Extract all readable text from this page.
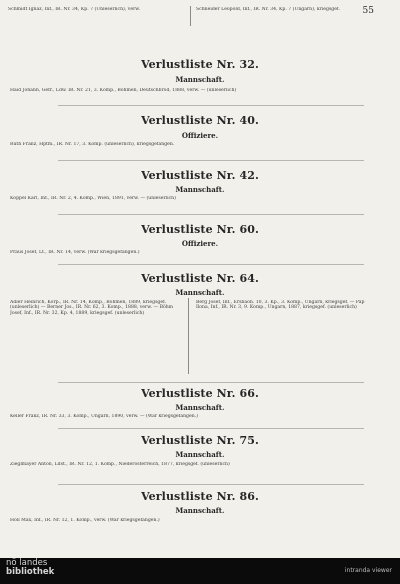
55
Schmidt Ignaz, Inf., IR. Nr. 34, Kp. 7 (Unleserlich), verw.	Schneider Leopold, Inf., IR. Nr. 34, Kp. 7 (Ungarn), kriegsgef.
Verlustliste Nr. 32.
Mannschaft.
Haid Johann, Gefr., Ldw. IR. Nr. 21, 3. Komp., Böhmen, Deutschbrod, 1888, verw. — (unleserlich)
Verlustliste Nr. 40.
Offiziere.
Ruth Franz, Hptm., IR. Nr. 17, 3. Komp. (unleserlich), kriegsgefangen.
Verlustliste Nr. 42.
Mannschaft.
Koppel Karl, Inf., IR. Nr. 2, 4. Komp., Wien, 1891, verw. — (unleserlich)
Verlustliste Nr. 60.
Offiziere.
Praus Josef, Lt., IR. Nr. 14, verw. (War kriegsgefangen.)
Verlustliste Nr. 64.
Mannschaft.
Adler Heinrich, Korp., IR. Nr. 14, Komp., Böhmen, 1889, kriegsgef. (unleserlich) — Berner Jos., IR. Nr. 62, 3. Komp., 1888, verw. — Böhm Josef, Inf., IR. Nr. 32, Kp. 4, 1889, kriegsgef. (unleserlich)
Berg Josef, Inf., Ersbaon. 10, 3. Kp., 3. Komp., Ungarn, kriegsgef. — Pap Ilona, Inf., IR. Nr. 3, 9. Komp., Ungarn, 1887, kriegsgef. (unleserlich)
Verlustliste Nr. 66.
Mannschaft.
Keller Franz, IR. Nr. 33, 3. Komp., Ungarn, 1890, verw. — (War kriegsgefangen.)
Verlustliste Nr. 75.
Mannschaft.
Zieglmayer Anton, Ldst., IR. Nr. 12, 1. Komp., Niederösterreich, 1877, kriegsgef. (unleserlich)
Verlustliste Nr. 86.
Mannschaft.
Holl Max, Inf., IR. Nr. 12, 1. Komp., verw. (War kriegsgefangen.)
nö landes
bibliothek	intranda viewer
